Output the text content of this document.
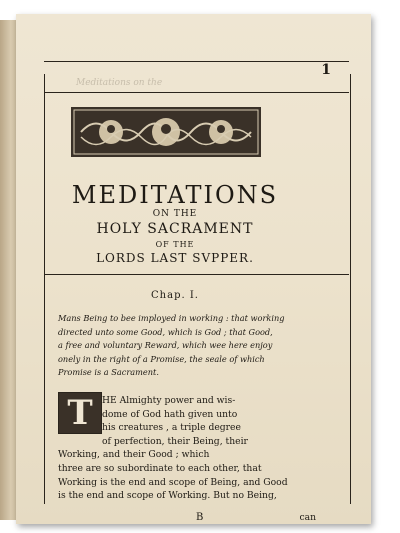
Meditations on the
1
MEDITATIONS
ON THE
HOLY SACRAMENT
OF THE
LORDS LAST SVPPER.
Chap. I.
Mans Being to bee imployed in working : that working
directed unto some Good, which is God ; that Good,
a free and voluntary Reward, which wee here enjoy
onely in the right of a Promise, the seale of which
Promise is a Sacrament.
T	HE Almighty power and wis-
dome of God hath given unto
his creatures , a triple degree
of perfection, their Being, their
Working, and their Good ; which
three are so subordinate to each other, that
Working is the end and scope of Being, and Good
is the end and scope of Working. But no Being,
B	can
